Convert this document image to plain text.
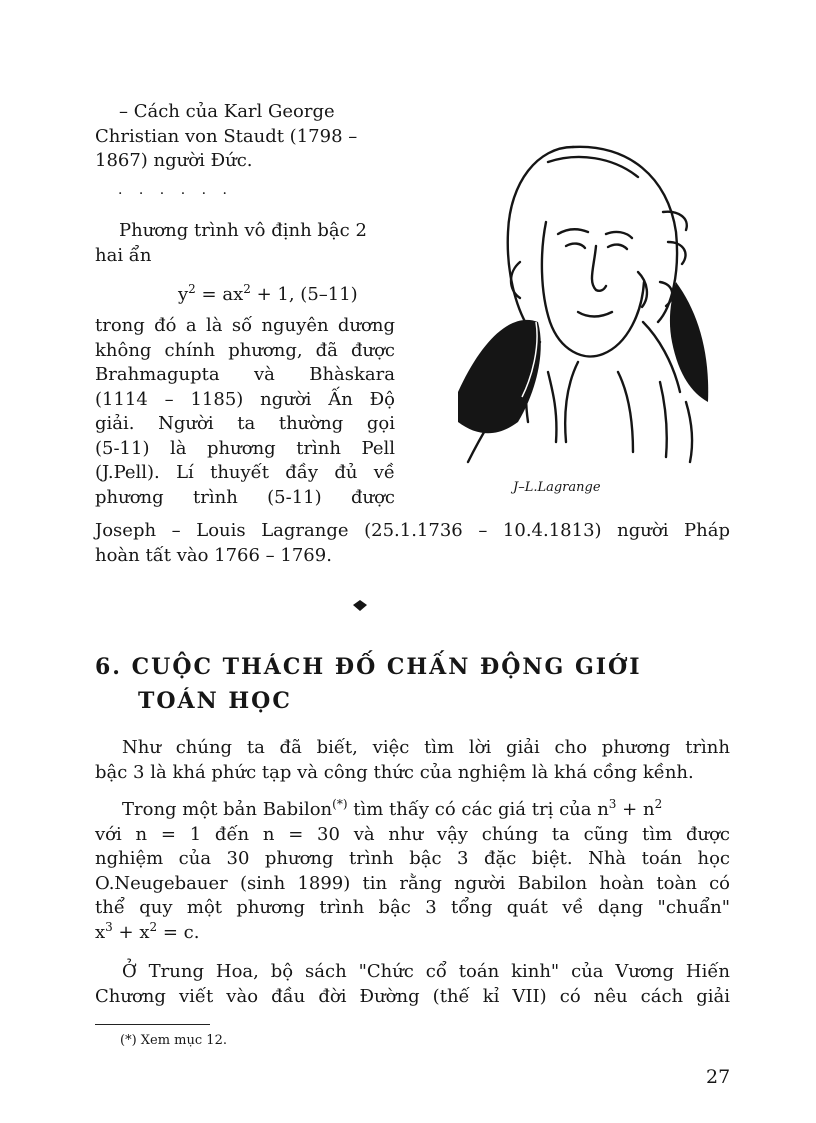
– Cách của Karl George
Christian von Staudt (1798 –
1867) người Đức.
· · · · · ·
Phương trình vô định bậc 2
hai ẩn
$y^2 = ax^2 + 1$, (5–11)
trong đó a là số nguyên dương
không chính phương, đã được
Brahmagupta và Bhàskara
(1114 – 1185) người Ấn Độ
giải. Người ta thường gọi
(5-11) là phương trình Pell
(J.Pell). Lí thuyết đầy đủ về
phương trình (5-11) được	J–L.Lagrange
Joseph – Louis Lagrange (25.1.1736 – 10.4.1813) người Pháp
hoàn tất vào 1766 – 1769.
6. CUỘC THÁCH ĐỐ CHẤN ĐỘNG GIỚI
TOÁN HỌC
Như chúng ta đã biết, việc tìm lời giải cho phương trình
bậc 3 là khá phức tạp và công thức của nghiệm là khá cồng kềnh.
Trong một bản Babilon(*) tìm thấy có các giá trị của $n^3 + n^2$
với n = 1 đến n = 30 và như vậy chúng ta cũng tìm được
nghiệm của 30 phương trình bậc 3 đặc biệt. Nhà toán học
O.Neugebauer (sinh 1899) tin rằng người Babilon hoàn toàn có
thể quy một phương trình bậc 3 tổng quát về dạng "chuẩn"
$x^3 + x^2 = c$.
Ở Trung Hoa, bộ sách "Chức cổ toán kinh" của Vương Hiến
Chương viết vào đầu đời Đường (thế kỉ VII) có nêu cách giải
(*) Xem mục 12.
27
